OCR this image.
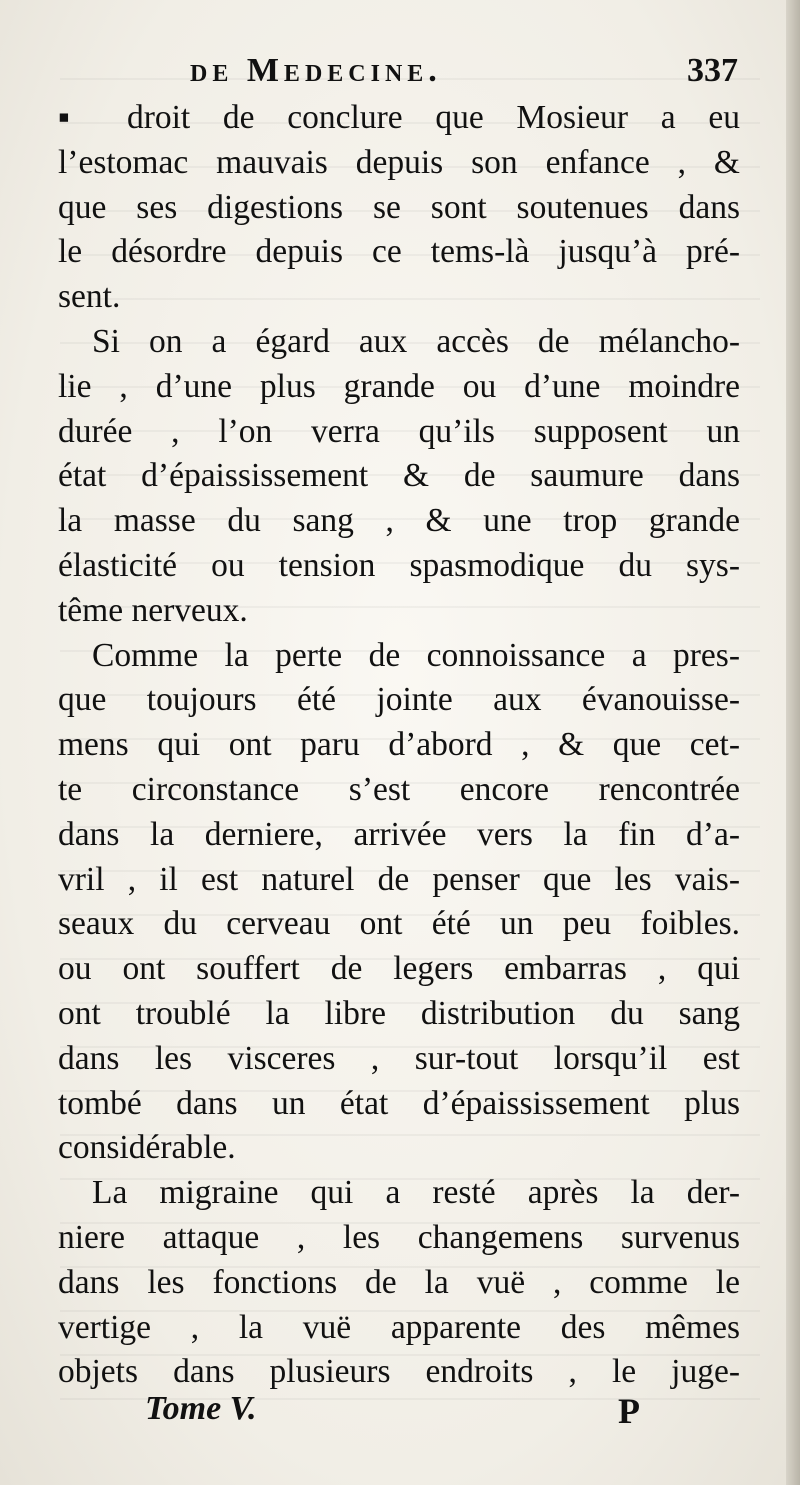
de Medecine.	337
▪ droit de conclure que Mosieur a eu
l’estomac mauvais depuis son enfance , &
que ses digestions se sont soutenues dans
le désordre depuis ce tems-là jusqu’à pré-
sent.
Si on a égard aux accès de mélancho-
lie , d’une plus grande ou d’une moindre
durée , l’on verra qu’ils supposent un
état d’épaississement & de saumure dans
la masse du sang , & une trop grande
élasticité ou tension spasmodique du sys-
tême nerveux.
Comme la perte de connoissance a pres-
que toujours été jointe aux évanouisse-
mens qui ont paru d’abord , & que cet-
te circonstance s’est encore rencontrée
dans la derniere, arrivée vers la fin d’a-
vril , il est naturel de penser que les vais-
seaux du cerveau ont été un peu foibles.
ou ont souffert de legers embarras , qui
ont troublé la libre distribution du sang
dans les visceres , sur-tout lorsqu’il est
tombé dans un état d’épaississement plus
considérable.
La migraine qui a resté après la der-
niere attaque , les changemens survenus
dans les fonctions de la vuë , comme le
vertige , la vuë apparente des mêmes
objets dans plusieurs endroits , le juge-
Tome V.	P
